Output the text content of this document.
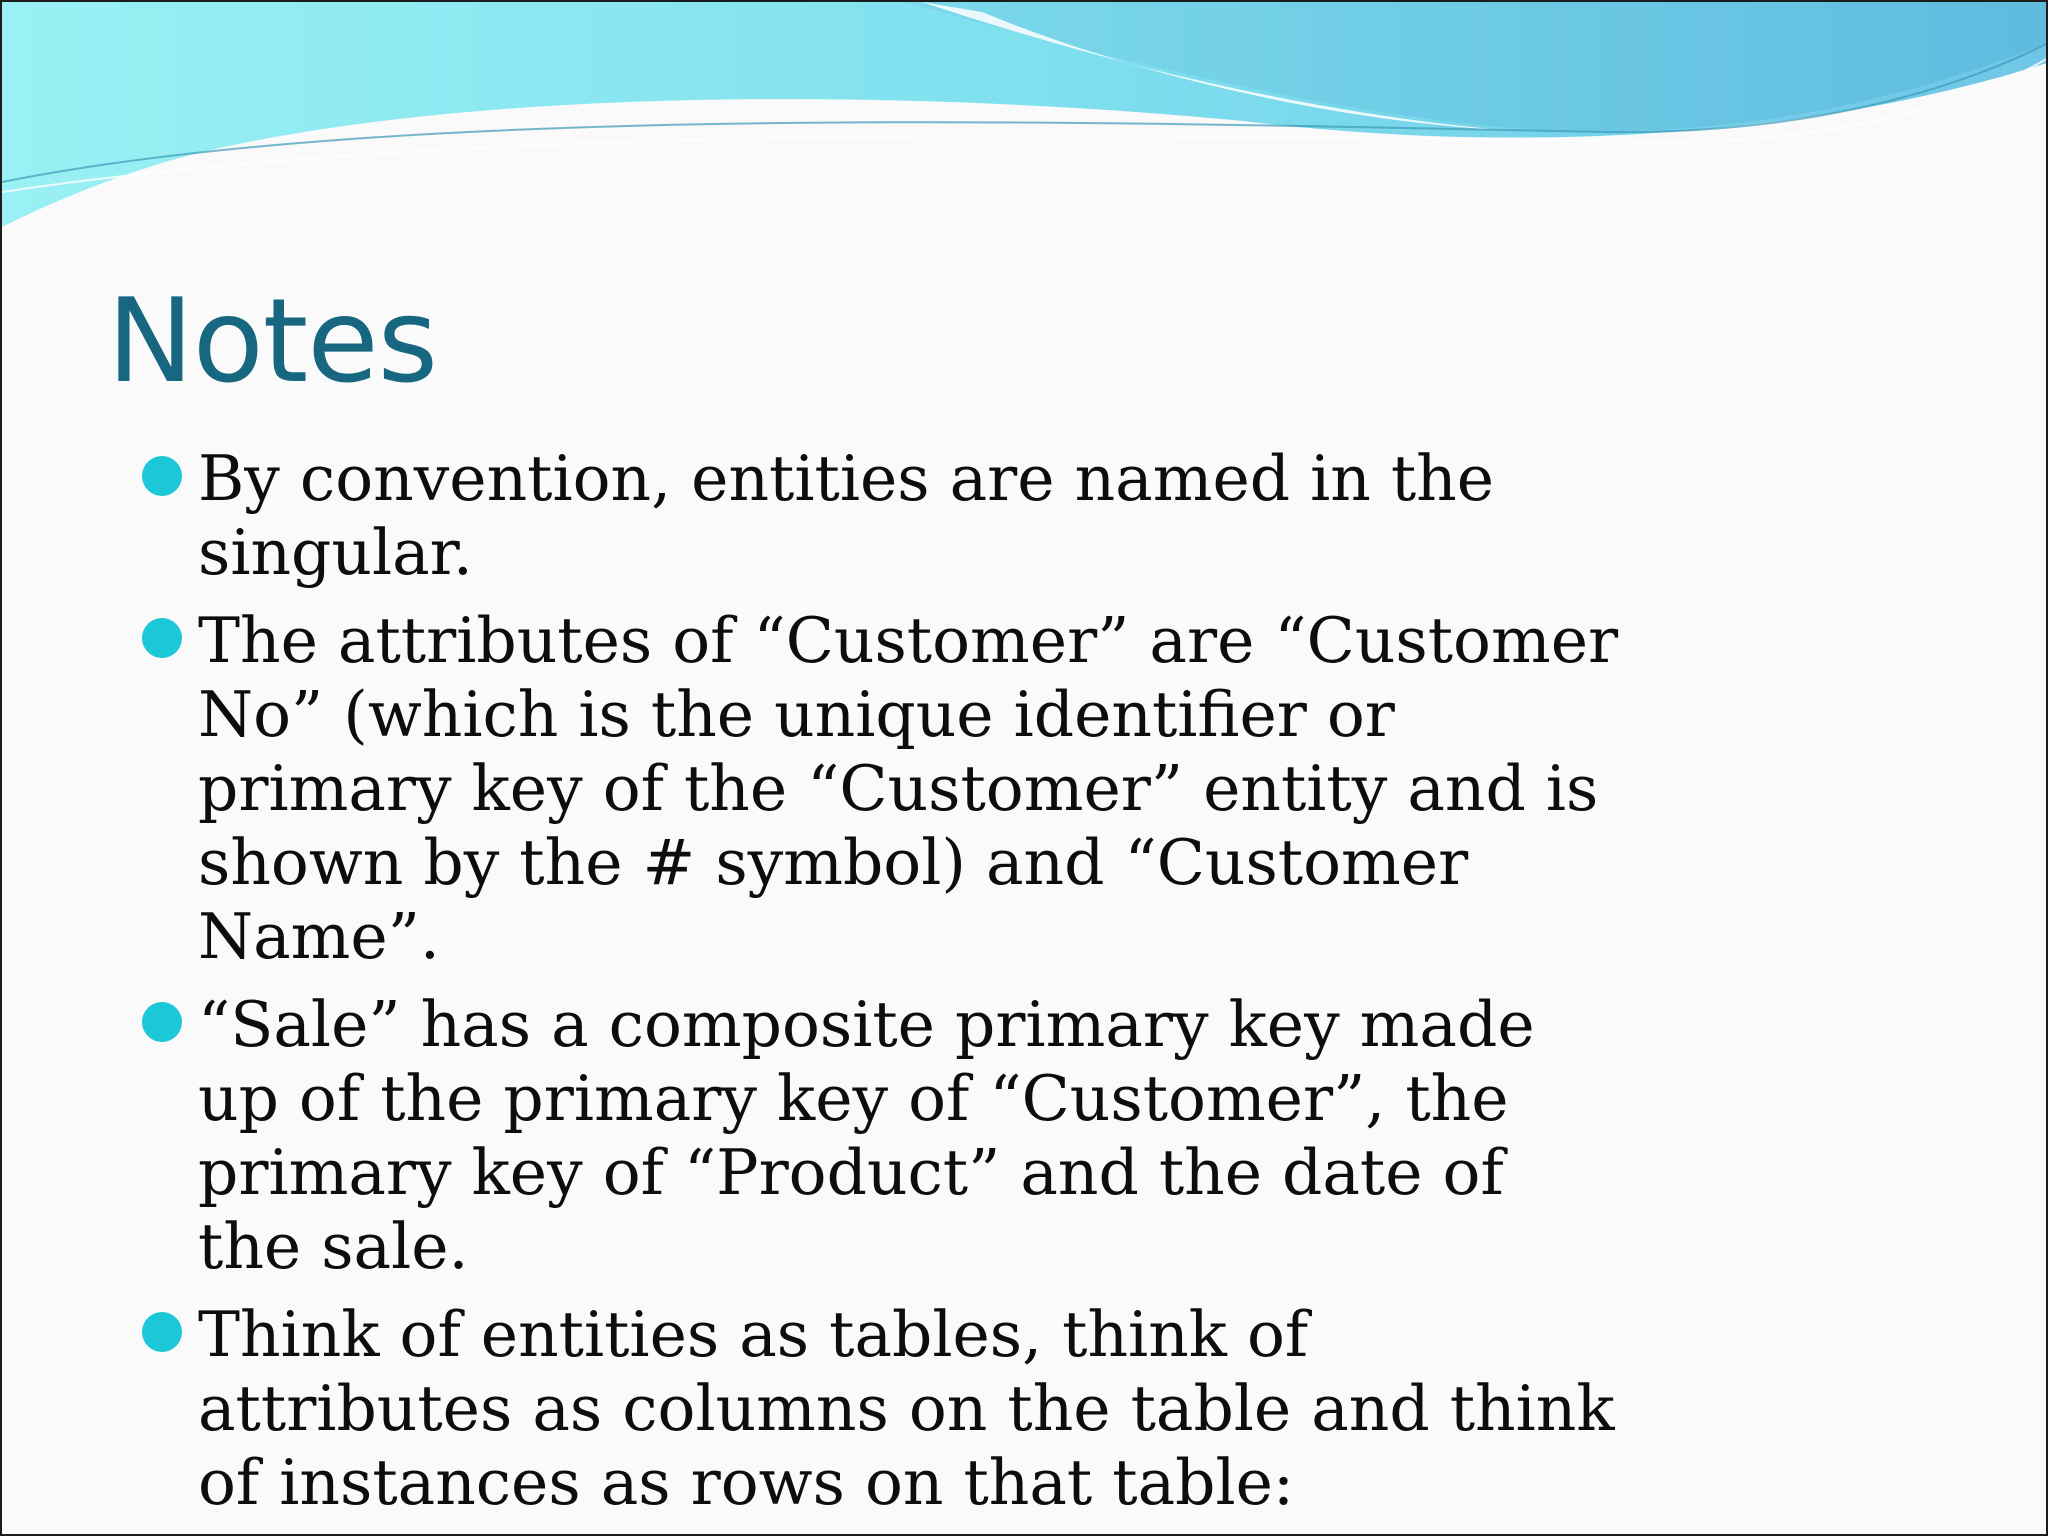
Notes
By convention, entities are named in the singular.
The attributes of “Customer” are “Customer No” (which is the unique identifier or primary key of the “Customer” entity and is shown by the # symbol) and “Customer Name”.
“Sale” has a composite primary key made up of the primary key of “Customer”, the primary key of “Product” and the date of the sale.
Think of entities as tables, think of attributes as columns on the table and think of instances as rows on that table:
